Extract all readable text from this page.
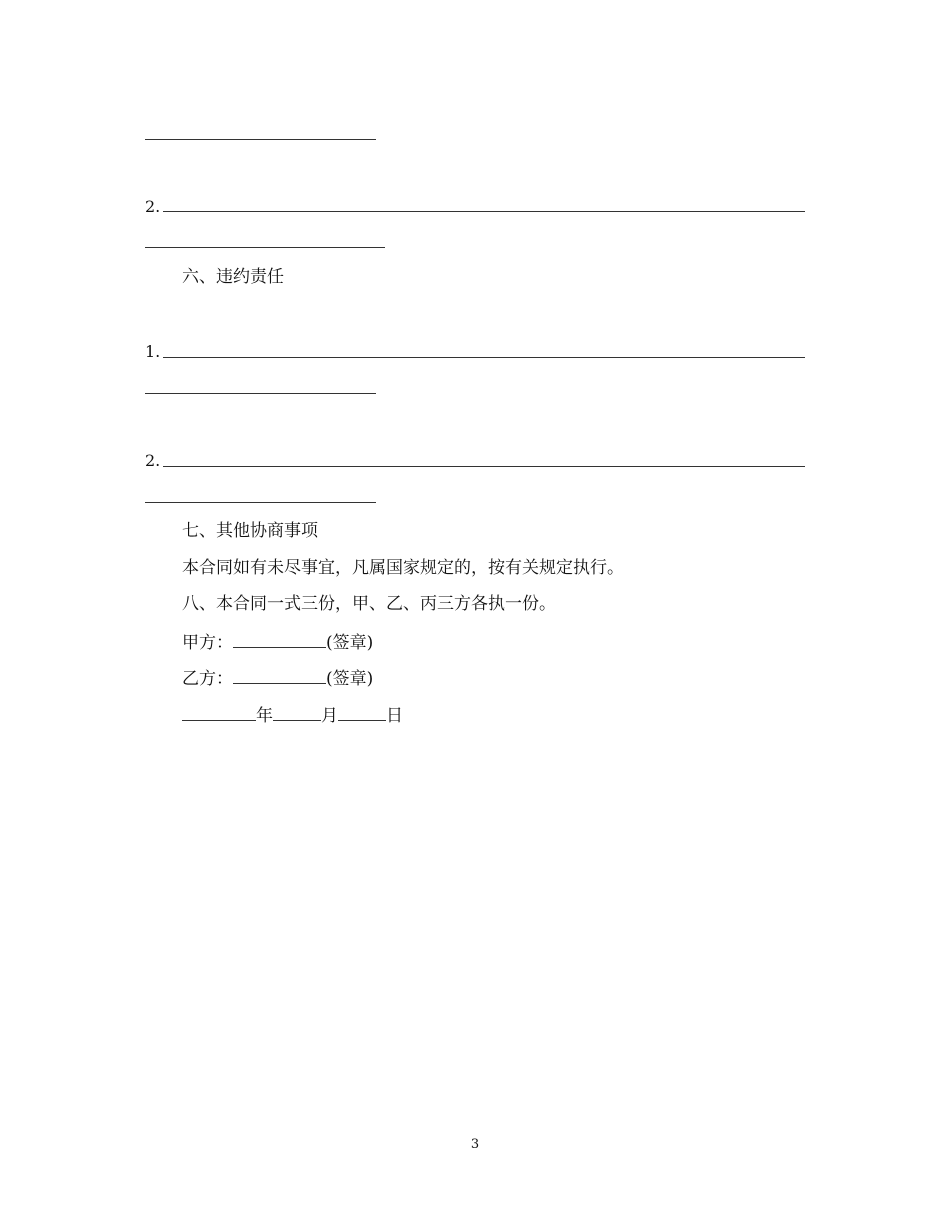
2.
六、违约责任
1.
2.
七、其他协商事项
本合同如有未尽事宜，凡属国家规定的，按有关规定执行。
八、本合同一式三份，甲、乙、丙三方各执一份。
甲方：	(签章)
乙方：	(签章)
年	月	日
3
